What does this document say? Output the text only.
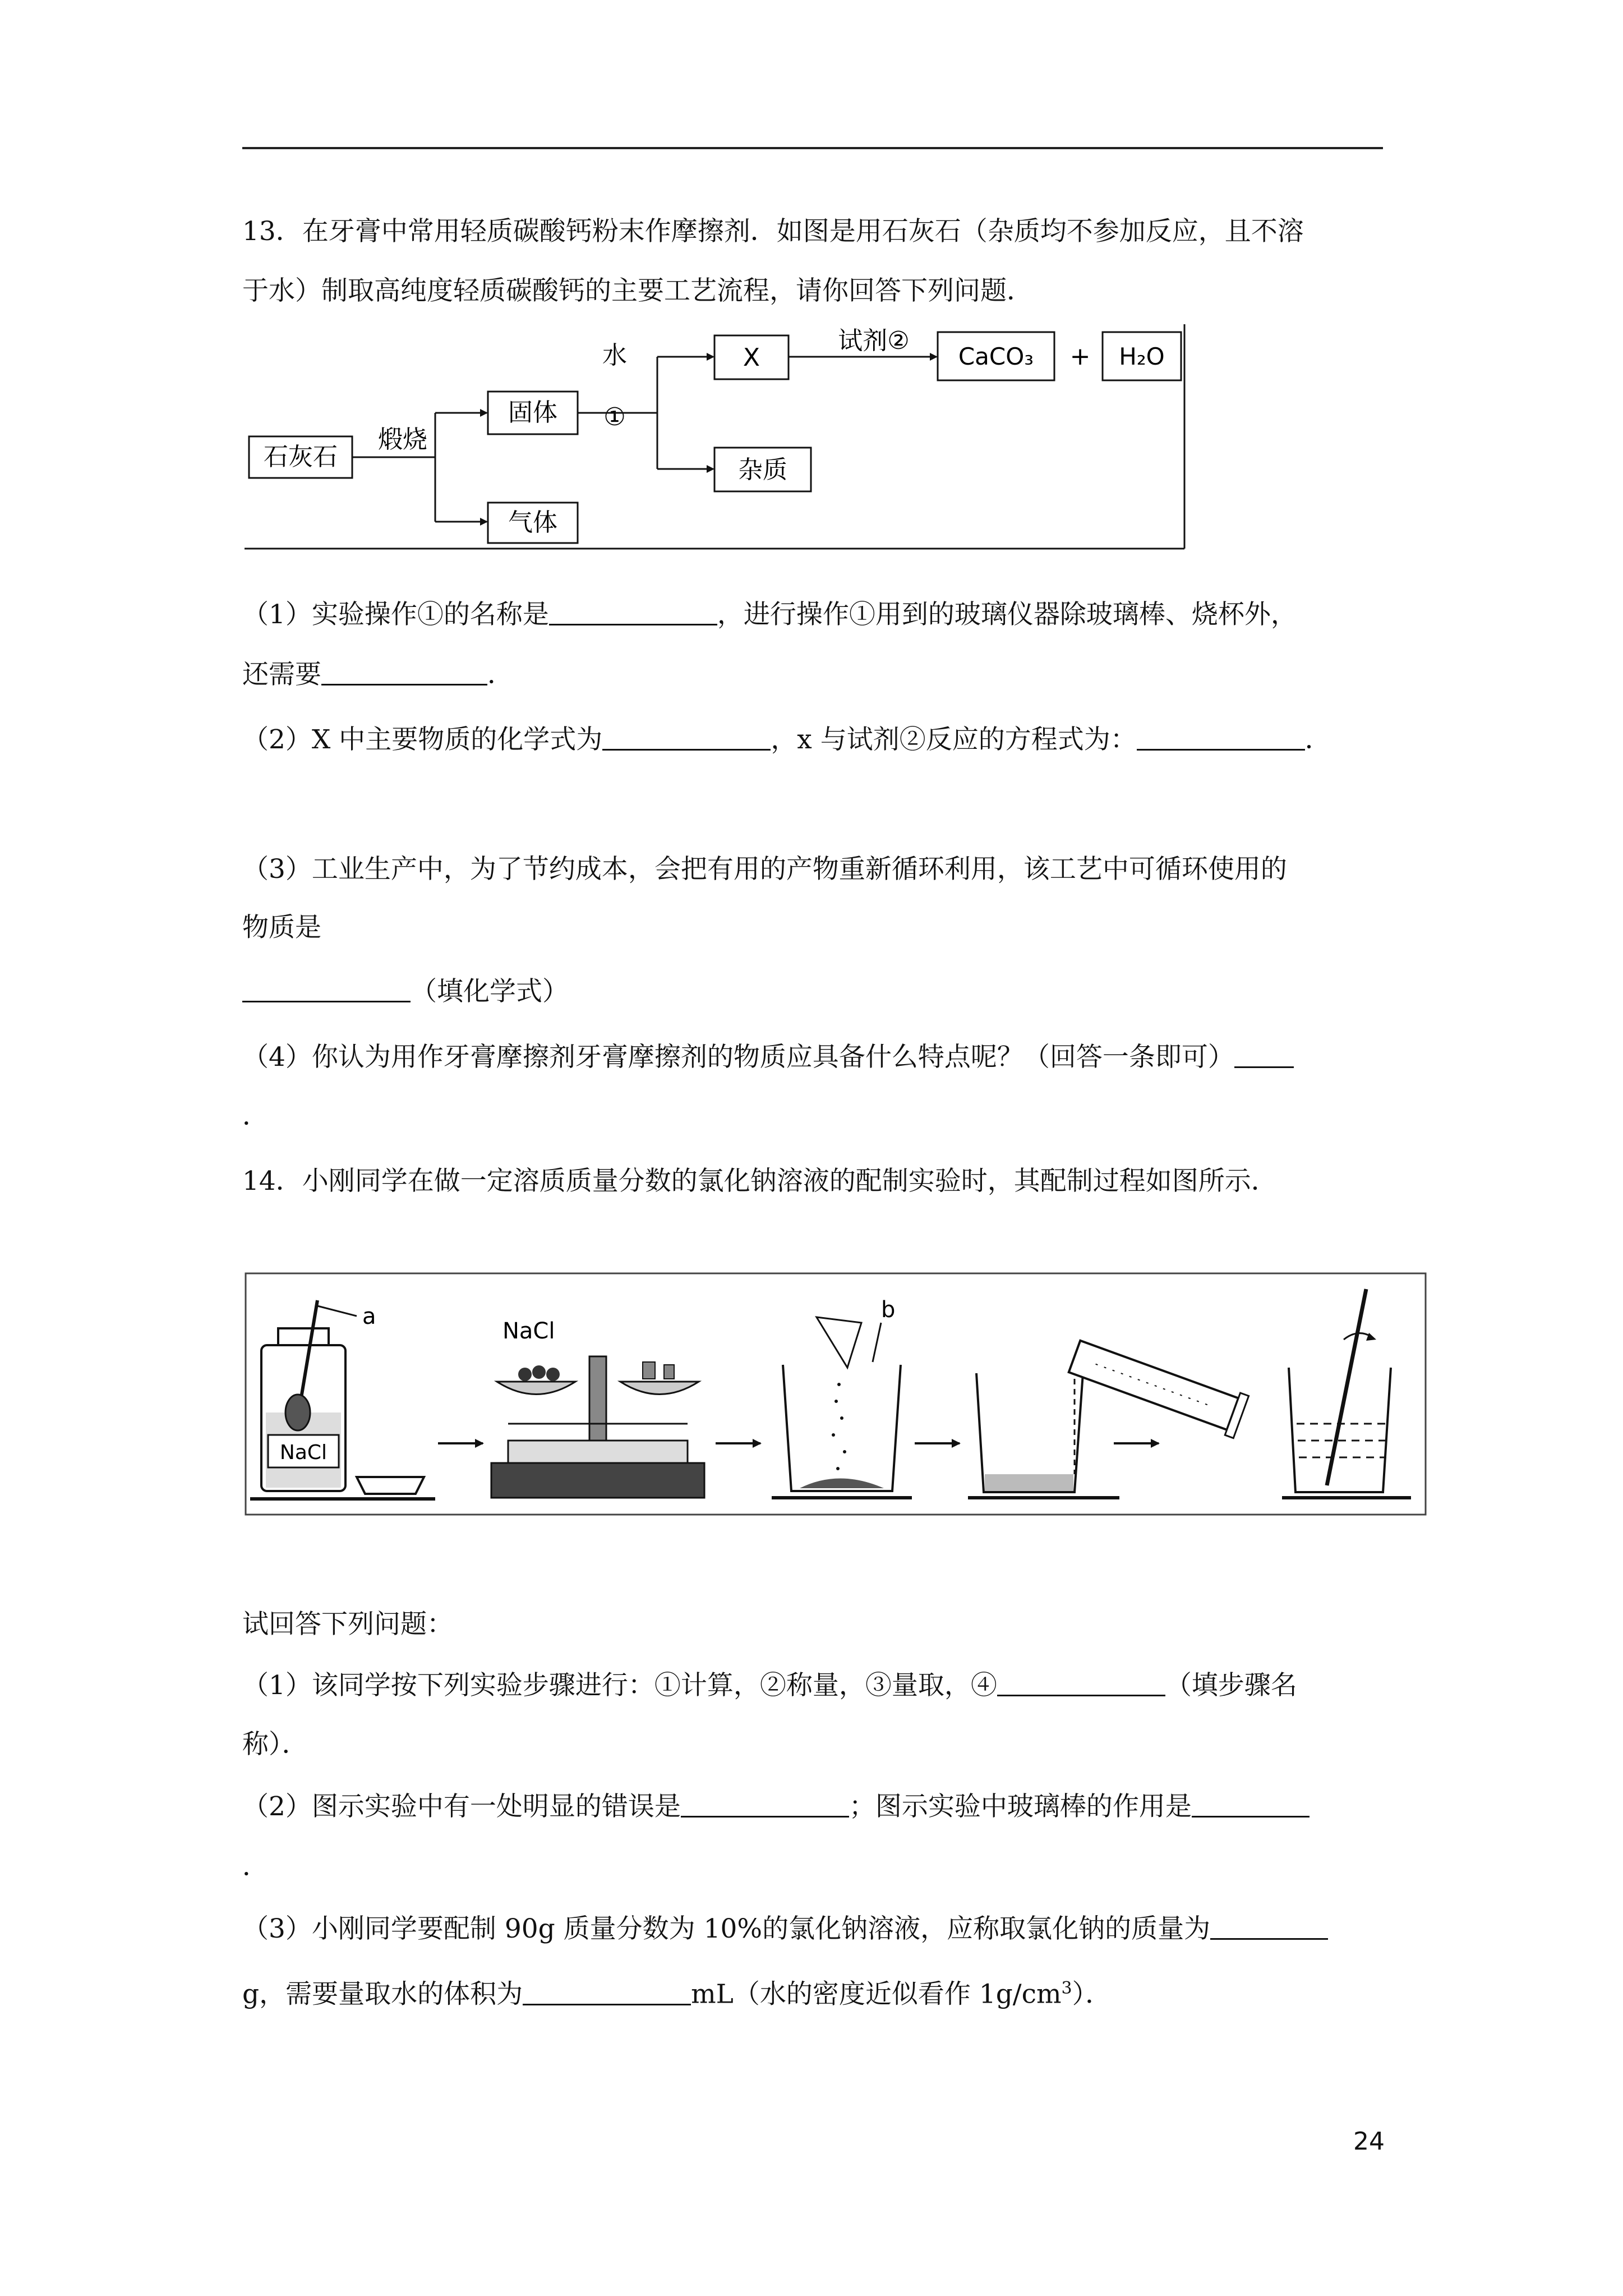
13．在牙膏中常用轻质碳酸钙粉末作摩擦剂．如图是用石灰石（杂质均不参加反应，且不溶
于水）制取高纯度轻质碳酸钙的主要工艺流程，请你回答下列问题．
石灰石
煅烧
固体
气体
水
①
X
杂质
试剂②
CaCO₃ + H₂O
（1）实验操作①的名称是	，进行操作①用到的玻璃仪器除玻璃棒、烧杯外，
还需要	．
（2）X 中主要物质的化学式为	，x 与试剂②反应的方程式为：	．
（3）工业生产中，为了节约成本，会把有用的产物重新循环利用，该工艺中可循环使用的
物质是
（填化学式）
（4）你认为用作牙膏摩擦剂牙膏摩擦剂的物质应具备什么特点呢？（回答一条即可）
．
14．小刚同学在做一定溶质质量分数的氯化钠溶液的配制实验时，其配制过程如图所示．
NaCl
a
NaCl
b
试回答下列问题：
（1）该同学按下列实验步骤进行：①计算，②称量，③量取，④	（填步骤名
称）．
（2）图示实验中有一处明显的错误是	；图示实验中玻璃棒的作用是
．
（3）小刚同学要配制 90g 质量分数为 10%的氯化钠溶液，应称取氯化钠的质量为
g，需要量取水的体积为	mL（水的密度近似看作 $1g/cm^3$）．
24
